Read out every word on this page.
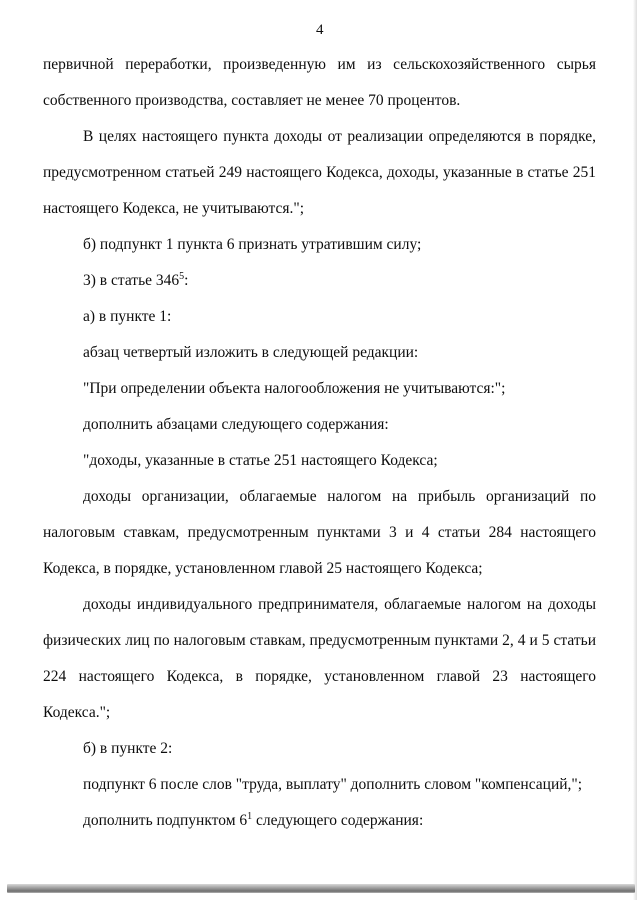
4

первичной переработки, произведенную им из сельскохозяйственного сырья собственного производства, составляет не менее 70 процентов.

В целях настоящего пункта доходы от реализации определяются в порядке, предусмотренном статьей 249 настоящего Кодекса, доходы, указанные в статье 251 настоящего Кодекса, не учитываются.";

б) подпункт 1 пункта 6 признать утратившим силу;

3) в статье 346$^5$:

а) в пункте 1:

абзац четвертый изложить в следующей редакции:

"При определении объекта налогообложения не учитываются:";

дополнить абзацами следующего содержания:

"доходы, указанные в статье 251 настоящего Кодекса;

доходы организации, облагаемые налогом на прибыль организаций по налоговым ставкам, предусмотренным пунктами 3 и 4 статьи 284 настоящего Кодекса, в порядке, установленном главой 25 настоящего Кодекса;

доходы индивидуального предпринимателя, облагаемые налогом на доходы физических лиц по налоговым ставкам, предусмотренным пунктами 2, 4 и 5 статьи 224 настоящего Кодекса, в порядке, установленном главой 23 настоящего Кодекса.";

б) в пункте 2:

подпункт 6 после слов "труда, выплату" дополнить словом "компенсаций,";

дополнить подпунктом 6$^1$ следующего содержания:
